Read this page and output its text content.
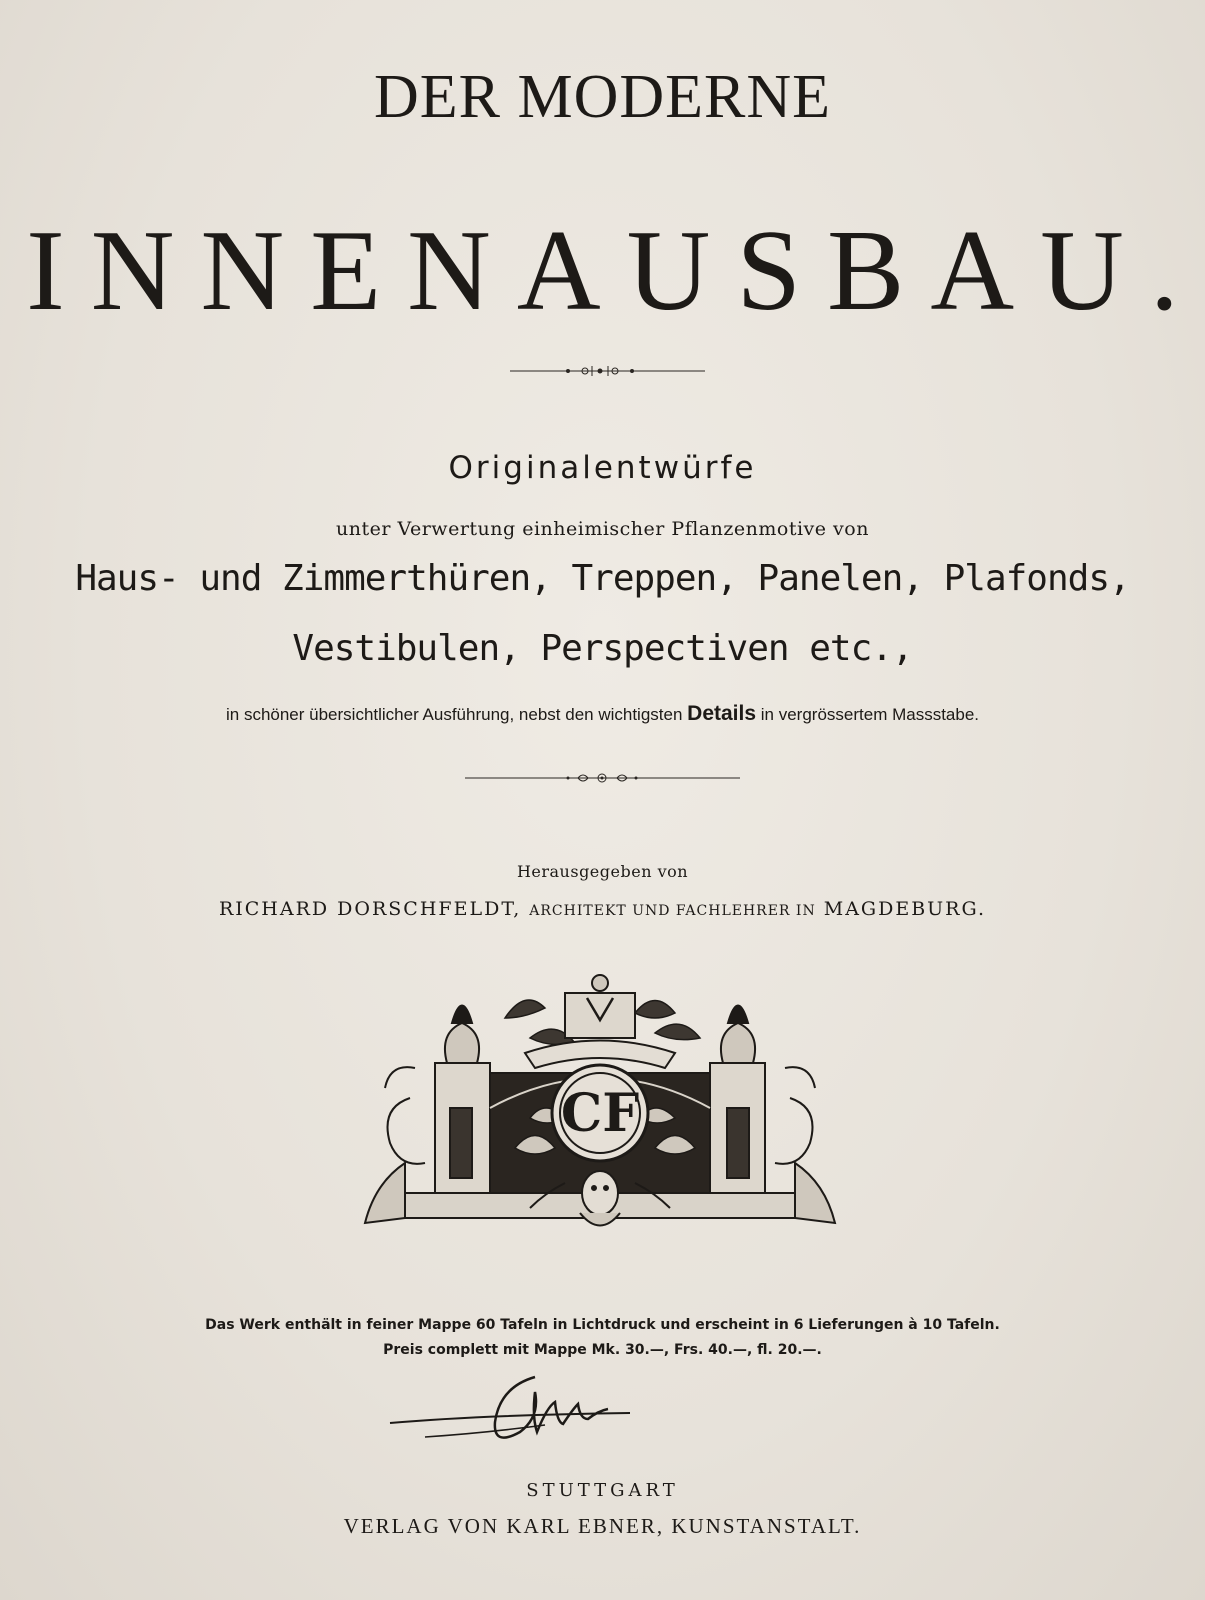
DER MODERNE
INNENAUSBAU.
Originalentwürfe
unter Verwertung einheimischer Pflanzenmotive von
Haus- und Zimmerthüren, Treppen, Panelen, Plafonds,
Vestibulen, Perspectiven etc.,
in schöner übersichtlicher Ausführung, nebst den wichtigsten Details in vergrössertem Massstabe.
Herausgegeben von
RICHARD DORSCHFELDT, ARCHITEKT UND FACHLEHRER IN MAGDEBURG.
CF
Das Werk enthält in feiner Mappe 60 Tafeln in Lichtdruck und erscheint in 6 Lieferungen à 10 Tafeln.
Preis complett mit Mappe Mk. 30.—, Frs. 40.—, fl. 20.—.
STUTTGART
VERLAG VON KARL EBNER, KUNSTANSTALT.
